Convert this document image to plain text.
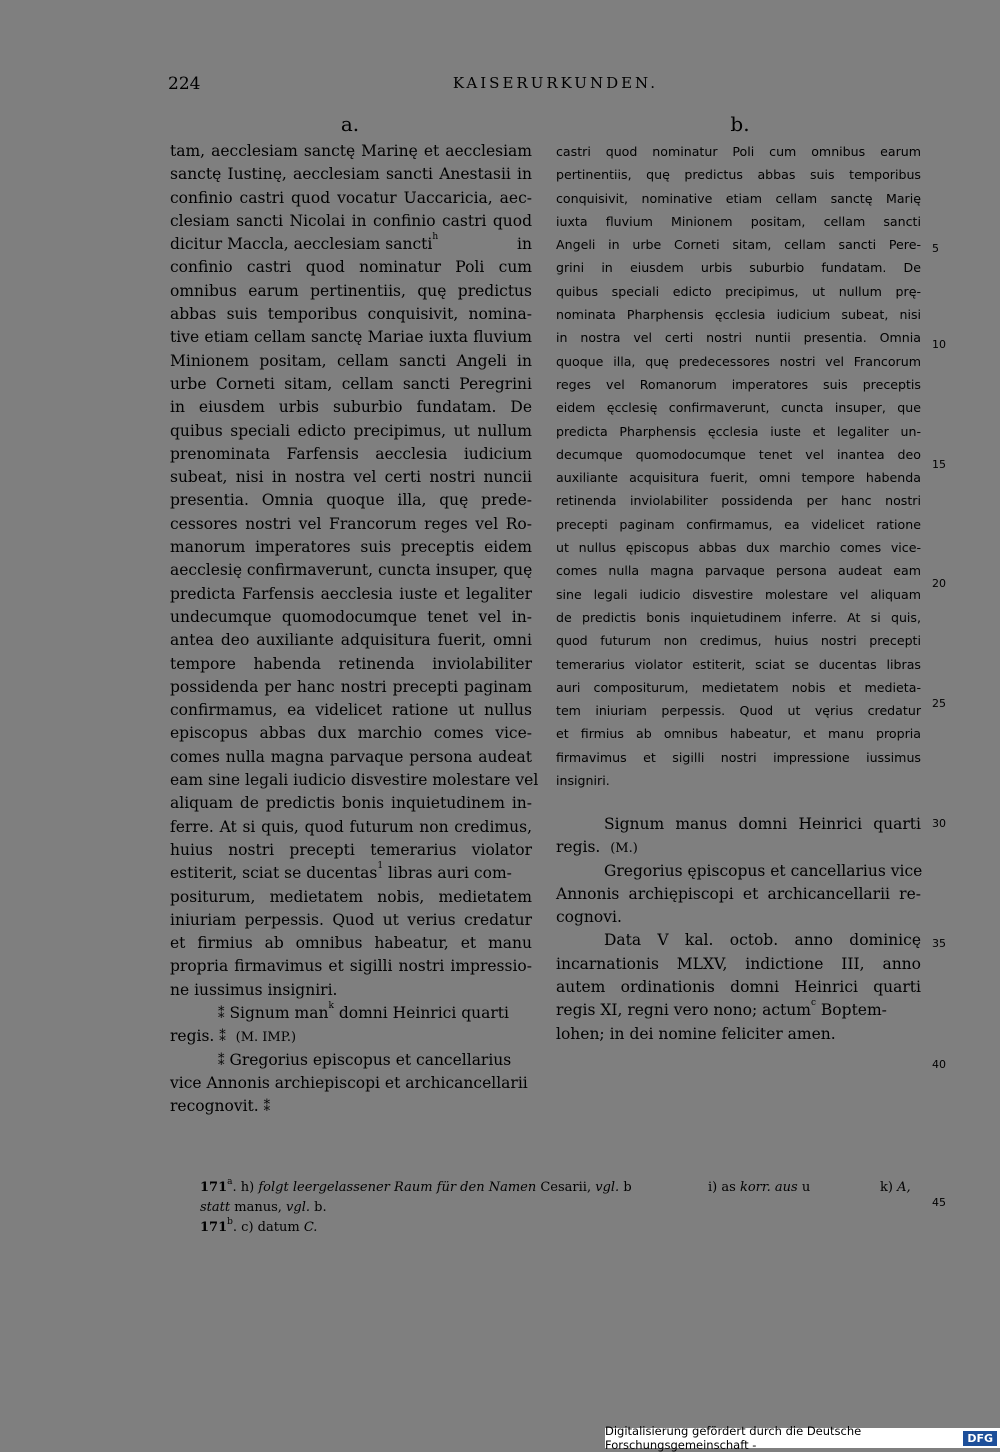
224	KAISERURKUNDEN.
a.	b.
tam, aecclesiam sanctę Marinę et aecclesiam
sanctę Iustinę, aecclesiam sancti Anestasii in
confinio castri quod vocatur Uaccaricia, aec-
clesiam sancti Nicolai in confinio castri quod
dicitur Maccla, aecclesiam sancti$^h$	in
confinio castri quod nominatur Poli cum
omnibus earum pertinentiis, quę predictus
abbas suis temporibus conquisivit, nomina-
tive etiam cellam sanctę Mariae iuxta fluvium
Minionem positam, cellam sancti Angeli in
urbe Corneti sitam, cellam sancti Peregrini
in eiusdem urbis suburbio fundatam. De
quibus speciali edicto precipimus, ut nullum
prenominata Farfensis aecclesia iudicium
subeat, nisi in nostra vel certi nostri nuncii
presentia. Omnia quoque illa, quę prede-
cessores nostri vel Francorum reges vel Ro-
manorum imperatores suis preceptis eidem
aecclesię confirmaverunt, cuncta insuper, quę
predicta Farfensis aecclesia iuste et legaliter
undecumque quomodocumque tenet vel in-
antea deo auxiliante adquisitura fuerit, omni
tempore habenda retinenda inviolabiliter
possidenda per hanc nostri precepti paginam
confirmamus, ea videlicet ratione ut nullus
episcopus abbas dux marchio comes vice-
comes nulla magna parvaque persona audeat
eam sine legali iudicio disvestire molestare vel
aliquam de predictis bonis inquietudinem in-
ferre. At si quis, quod futurum non credimus,
huius nostri precepti temerarius violator
estiterit, sciat se ducentas$^1$ libras auri com-
positurum, medietatem nobis, medietatem
iniuriam perpessis. Quod ut verius credatur
et firmius ab omnibus habeatur, et manu
propria firmavimus et sigilli nostri impressio-
ne iussimus insigniri.
⁑ Signum man$^k$ domni Heinrici quarti
regis. ⁑ (M. IMP.)
⁑ Gregorius episcopus et cancellarius
vice Annonis archiepiscopi et archicancellarii
recognovit. ⁑
castri quod nominatur Poli cum omnibus earum
pertinentiis, quę predictus abbas suis temporibus
conquisivit, nominative etiam cellam sanctę Marię
iuxta fluvium Minionem positam, cellam sancti
Angeli in urbe Corneti sitam, cellam sancti Pere-
grini in eiusdem urbis suburbio fundatam. De
quibus speciali edicto precipimus, ut nullum prę-
nominata Pharphensis ęcclesia iudicium subeat, nisi
in nostra vel certi nostri nuntii presentia. Omnia
quoque illa, quę predecessores nostri vel Francorum
reges vel Romanorum imperatores suis preceptis
eidem ęcclesię confirmaverunt, cuncta insuper, que
predicta Pharphensis ęcclesia iuste et legaliter un-
decumque quomodocumque tenet vel inantea deo
auxiliante acquisitura fuerit, omni tempore habenda
retinenda inviolabiliter possidenda per hanc nostri
precepti paginam confirmamus, ea videlicet ratione
ut nullus ępiscopus abbas dux marchio comes vice-
comes nulla magna parvaque persona audeat eam
sine legali iudicio disvestire molestare vel aliquam
de predictis bonis inquietudinem inferre. At si quis,
quod futurum non credimus, huius nostri precepti
temerarius violator estiterit, sciat se ducentas libras
auri compositurum, medietatem nobis et medieta-
tem iniuriam perpessis. Quod ut vęrius credatur
et firmius ab omnibus habeatur, et manu propria
firmavimus et sigilli nostri impressione iussimus
insigniri.
Signum manus domni Heinrici quarti
regis. (M.)
Gregorius ępiscopus et cancellarius vice
Annonis archiępiscopi et archicancellarii re-
cognovi.
Data V kal. octob. anno dominicę
incarnationis MLXV, indictione III, anno
autem ordinationis domni Heinrici quarti
regis XI, regni vero nono; actum$^c$ Boptem-
lohen; in dei nomine feliciter amen.
5
10
15
20
25
30
35
40
45
171$^a$. h) folgt leergelassener Raum für den Namen Cesarii, vgl. b	i) as korr. aus u	k) A,
statt manus, vgl. b.
171$^b$. c) datum C.
Digitalisierung gefördert durch die Deutsche Forschungsgemeinschaft -	DFG
